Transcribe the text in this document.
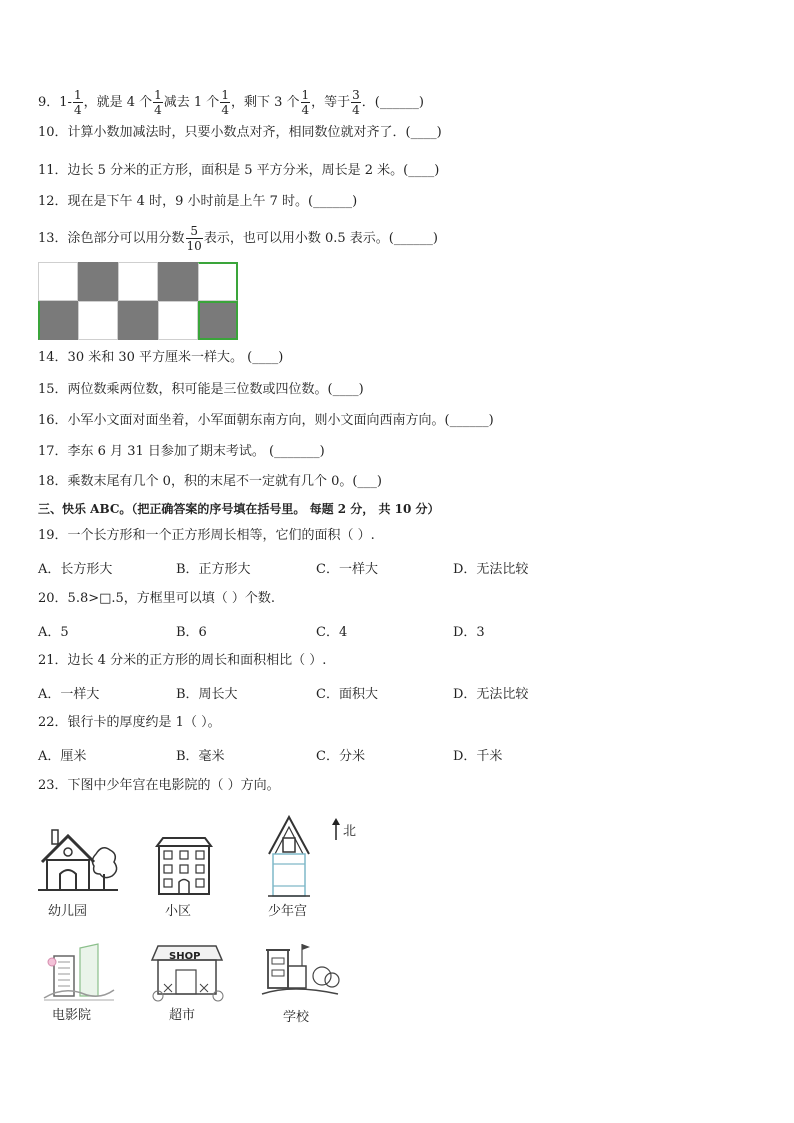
9．$1- \frac{1}{4}$ ，就是 4 个 $\frac{1}{4}$ 减去 1 个 $\frac{1}{4}$ ，剩下 3 个 $\frac{1}{4}$ ，等于 $\frac{3}{4}$ ．(______)
10．计算小数加减法时，只要小数点对齐，相同数位就对齐了．(____)
11．边长 5 分米的正方形，面积是 5 平方分米，周长是 2 米。(____)
12．现在是下午 4 时，9 小时前是上午 7 时。(______)
13．涂色部分可以用分数 $\frac{5}{10}$ 表示，也可以用小数 0.5 表示。(______)
14．30 米和 30 平方厘米一样大。 (____)
15．两位数乘两位数，积可能是三位数或四位数。(____)
16．小军小文面对面坐着，小军面朝东南方向，则小文面向西南方向。(______)
17．李东 6 月 31 日参加了期末考试。 (_______)
18．乘数末尾有几个 0，积的末尾不一定就有几个 0。(___)
三、快乐 ABC。（把正确答案的序号填在括号里。 每题 2 分， 共 10 分）
19．一个长方形和一个正方形周长相等，它们的面积（ ）.
A．长方形大	B．正方形大	C．一样大	D．无法比较
20．5.8>□.5，方框里可以填（ ）个数.
A．5	B．6	C．4	D．3
21．边长 4 分米的正方形的周长和面积相比（ ）.
A．一样大	B．周长大	C．面积大	D．无法比较
22．银行卡的厚度约是 1（ ）。
A．厘米	B．毫米	C．分米	D．千米
23．下图中少年宫在电影院的（ ）方向。
北
幼儿园	小区	少年宫
电影院
SHOP
超市	学校
